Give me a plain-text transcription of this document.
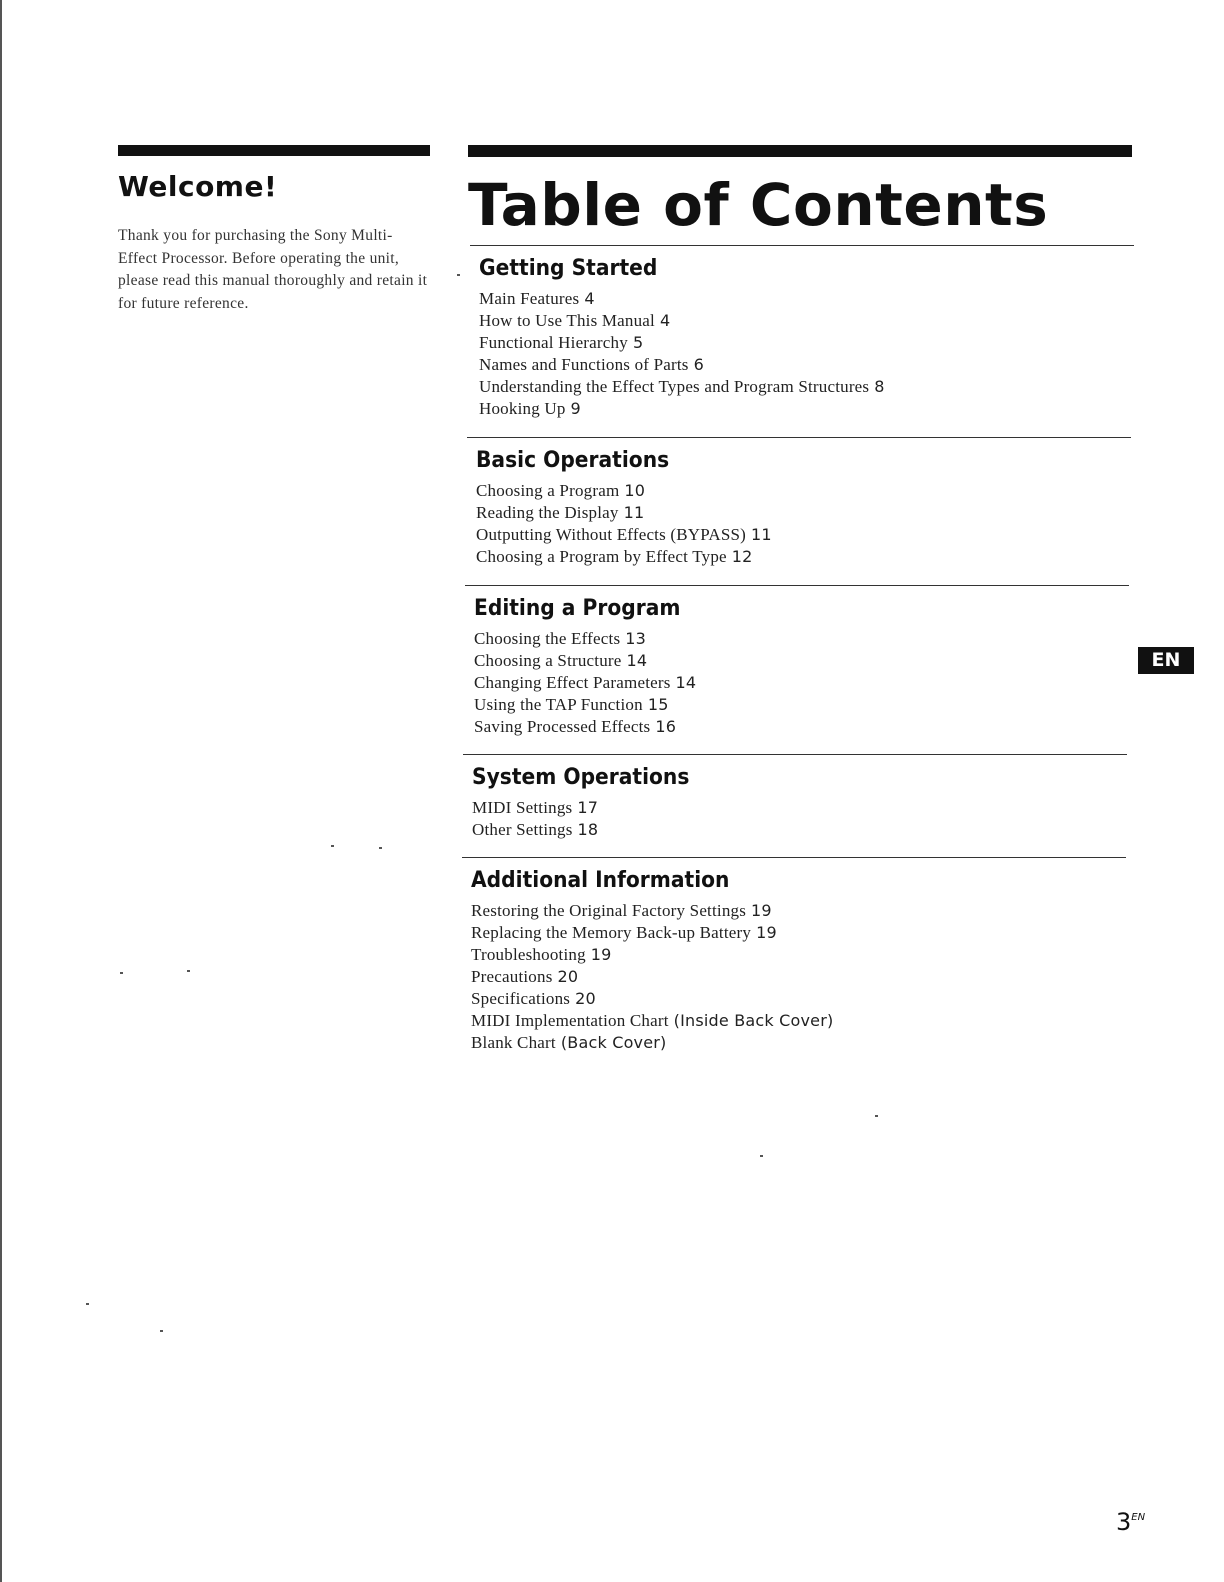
Welcome!

Thank you for purchasing the Sony Multi-Effect Processor. Before operating the unit, please read this manual thoroughly and retain it for future reference.

Table of Contents
Getting Started
Main Features 4
How to Use This Manual 4
Functional Hierarchy 5
Names and Functions of Parts 6
Understanding the Effect Types and Program Structures 8
Hooking Up 9
Basic Operations
Choosing a Program 10
Reading the Display 11
Outputting Without Effects (BYPASS) 11
Choosing a Program by Effect Type 12
Editing a Program
Choosing the Effects 13
Choosing a Structure 14
Changing Effect Parameters 14
Using the TAP Function 15
Saving Processed Effects 16
System Operations
MIDI Settings 17
Other Settings 18
Additional Information
Restoring the Original Factory Settings 19
Replacing the Memory Back-up Battery 19
Troubleshooting 19
Precautions 20
Specifications 20
MIDI Implementation Chart (Inside Back Cover)
Blank Chart (Back Cover)
EN
$3^{EN}$
